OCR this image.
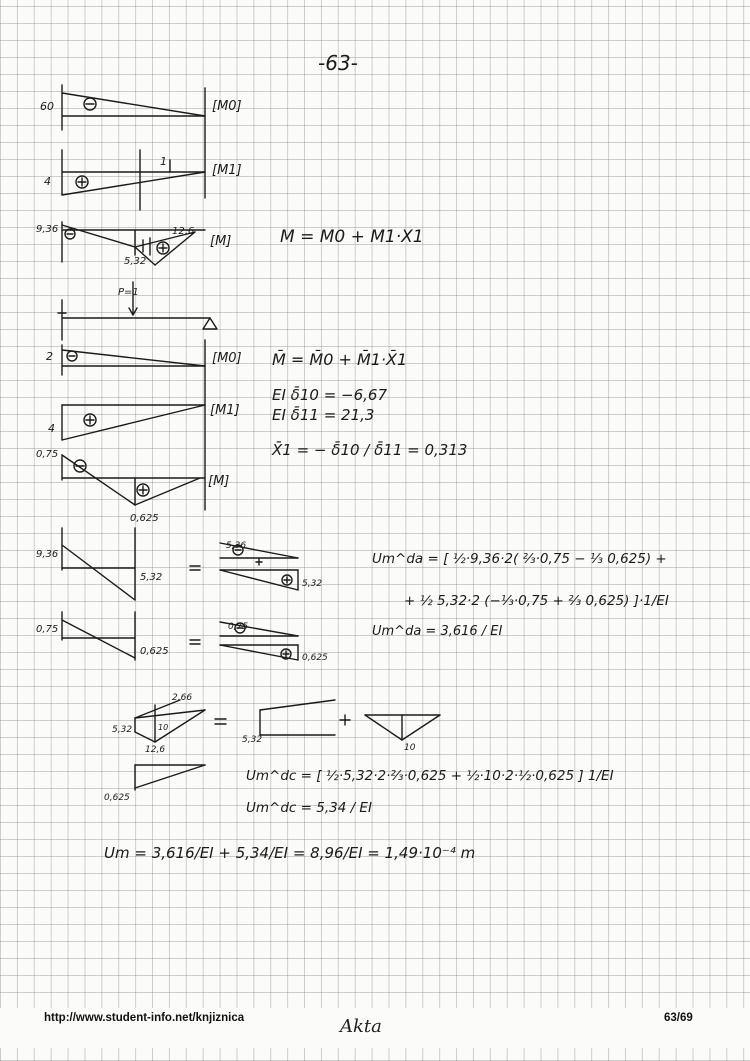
-63-
60	[M0]
1
4
[M1]
9,36	12,6
5,32
[M]
P=1
2	[M0]
4
[M1]
0,75
0,625
[M]
9,36
5,32
5,36
5,32
0,75
0,625
0,75
0,625
2,66
5,32
12,6
10
5,32
10
0,625
M = M0 + M1·X1
M̄ = M̄0 + M̄1·X̄1
EI δ̄10 = −6,67
EI δ̄11 = 21,3
X̄1 = − δ̄10 / δ̄11 = 0,313
Um^da = [ ½·9,36·2( ⅔·0,75 − ⅓ 0,625) +
+ ½ 5,32·2 (−⅓·0,75 + ⅔ 0,625) ]·1/EI
Um^da = 3,616 / EI
Um^dc = [ ½·5,32·2·⅔·0,625 + ½·10·2·½·0,625 ] 1/EI
Um^dc = 5,34 / EI
Um = 3,616/EI + 5,34/EI = 8,96/EI = 1,49·10⁻⁴ m
http://www.student-info.net/knjiznica	Akta	63/69
